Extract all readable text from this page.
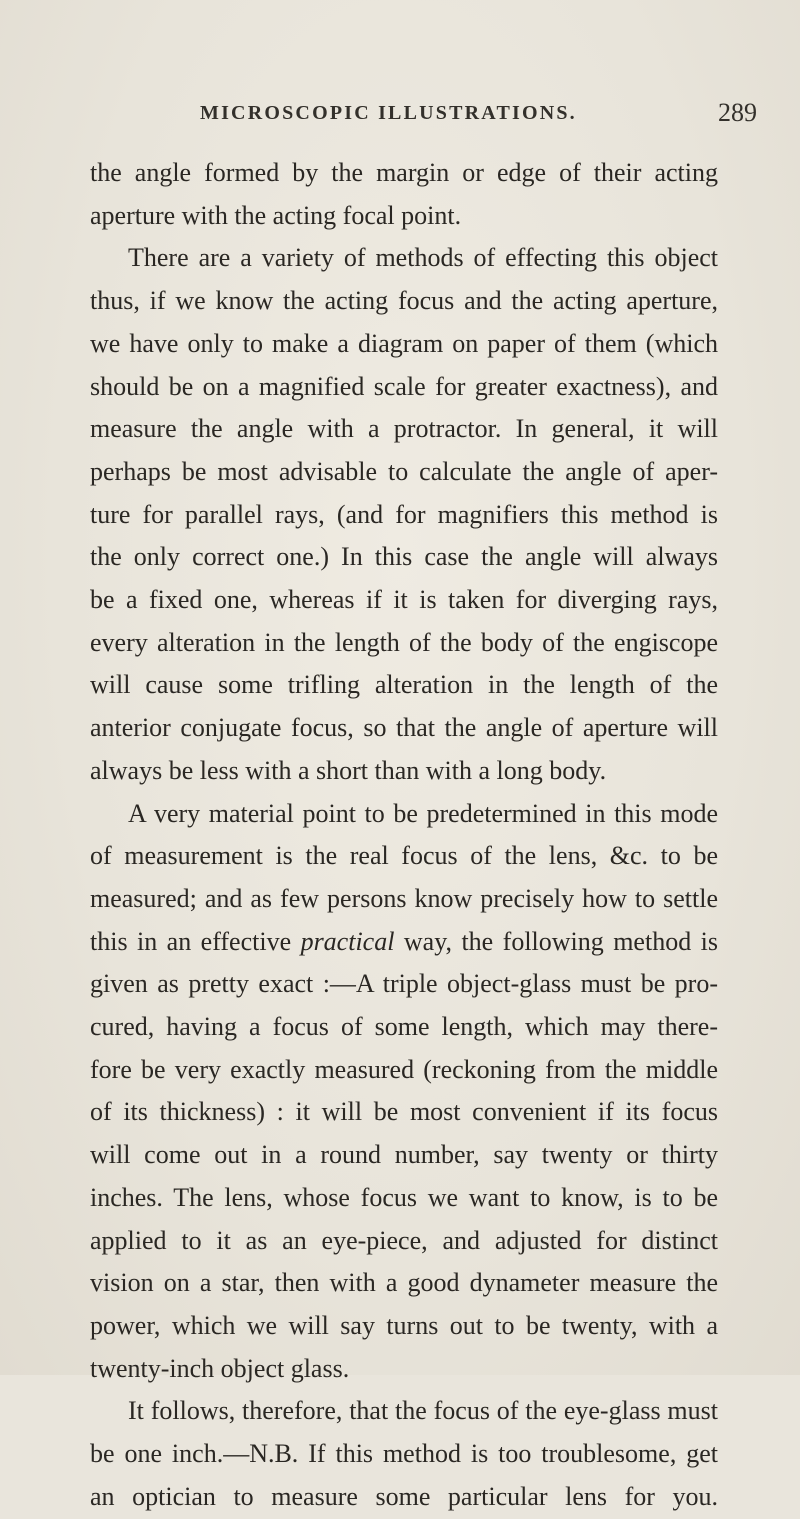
MICROSCOPIC ILLUSTRATIONS.	289
the angle formed by the margin or edge of their acting
aperture with the acting focal point.
There are a variety of methods of effecting this object
thus, if we know the acting focus and the acting aperture,
we have only to make a diagram on paper of them (which
should be on a magnified scale for greater exactness), and
measure the angle with a protractor. In general, it will
perhaps be most advisable to calculate the angle of aper-
ture for parallel rays, (and for magnifiers this method is
the only correct one.) In this case the angle will always
be a fixed one, whereas if it is taken for diverging rays,
every alteration in the length of the body of the engiscope
will cause some trifling alteration in the length of the
anterior conjugate focus, so that the angle of aperture will
always be less with a short than with a long body.
A very material point to be predetermined in this mode
of measurement is the real focus of the lens, &c. to be
measured; and as few persons know precisely how to settle
this in an effective practical way, the following method is
given as pretty exact :—A triple object-glass must be pro-
cured, having a focus of some length, which may there-
fore be very exactly measured (reckoning from the middle
of its thickness) : it will be most convenient if its focus
will come out in a round number, say twenty or thirty
inches. The lens, whose focus we want to know, is to be
applied to it as an eye-piece, and adjusted for distinct
vision on a star, then with a good dynameter measure the
power, which we will say turns out to be twenty, with a
twenty-inch object glass.
It follows, therefore, that the focus of the eye-glass must
be one inch.—N.B. If this method is too troublesome, get
an optician to measure some particular lens for you.
